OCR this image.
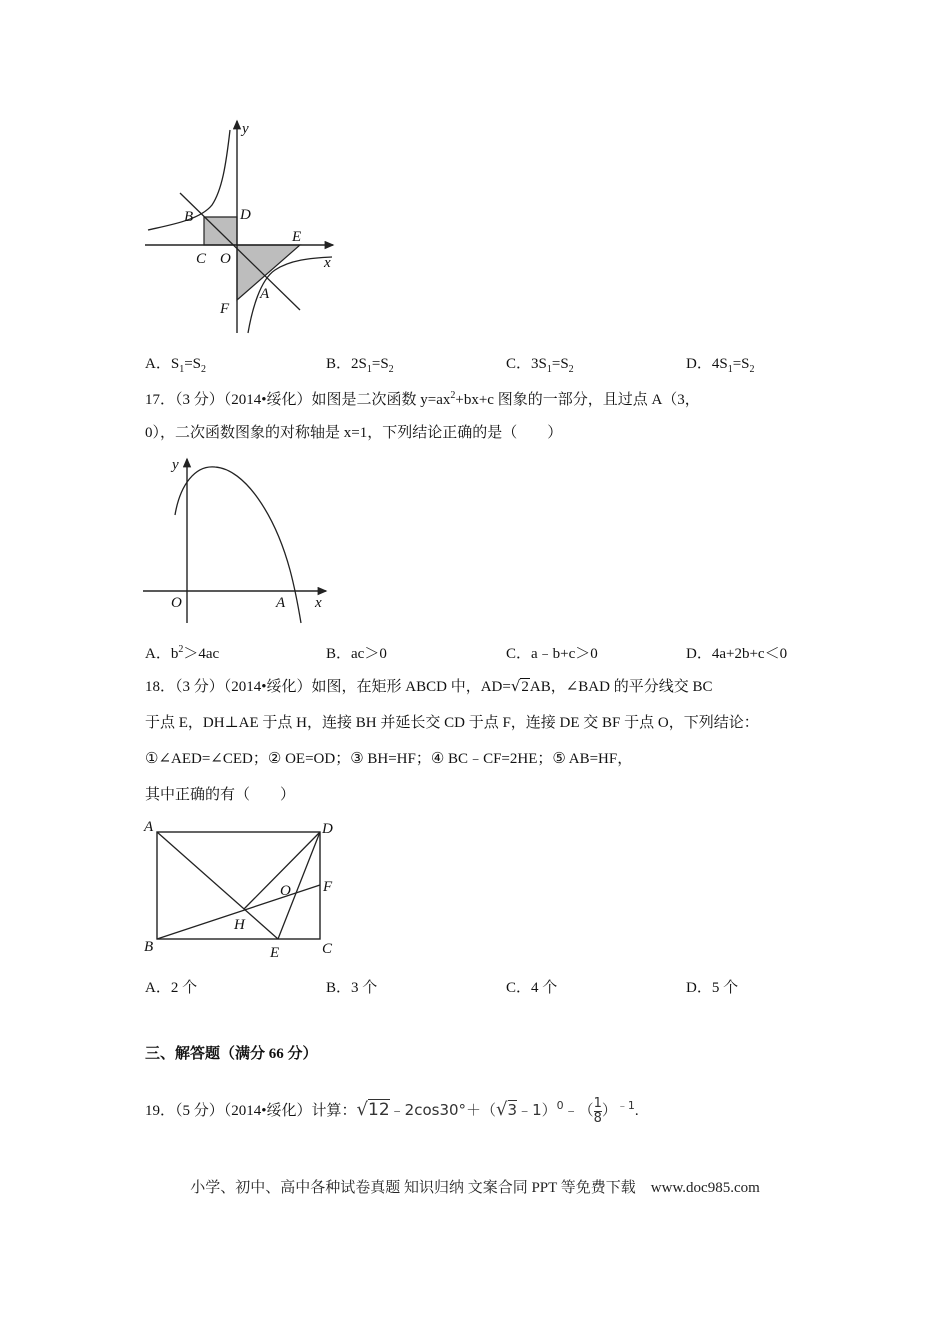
y
x
B	D
C O
E
A
F
A．$S_1=S_2$	B．$2S_1=S_2$	C．$3S_1=S_2$	D．$4S_1=S_2$
17．（3 分）（2014•绥化）如图是二次函数 $y=ax^2+bx+c$ 图象的一部分，且过点 A（3，
0），二次函数图象的对称轴是 x=1，下列结论正确的是（　　）
y
O	A x
A．$b^2>4ac$	B．ac＞0	C．a﹣b+c＞0	D．4a+2b+c＜0
18．（3 分）（2014•绥化）如图，在矩形 ABCD 中，AD=√2AB，∠BAD 的平分线交 BC
于点 E，DH⊥AE 于点 H，连接 BH 并延长交 CD 于点 F，连接 DE 交 BF 于点 O，下列结论：
①∠AED=∠CED；② OE=OD；③ BH=HF；④ BC﹣CF=2HE；⑤ AB=HF，
其中正确的有（　　）
A	D
O F
H
B	E	C
A．2 个	B．3 个	C．4 个	D．5 个
三、解答题（满分 66 分）
19．（5 分）（2014•绥化）计算：√12﹣2cos30°＋（√3﹣1）$^0$﹣（ $\frac{1}{8} )^{﹣1}$.
小学、初中、高中各种试卷真题 知识归纳 文案合同 PPT 等免费下载　www.doc985.com
